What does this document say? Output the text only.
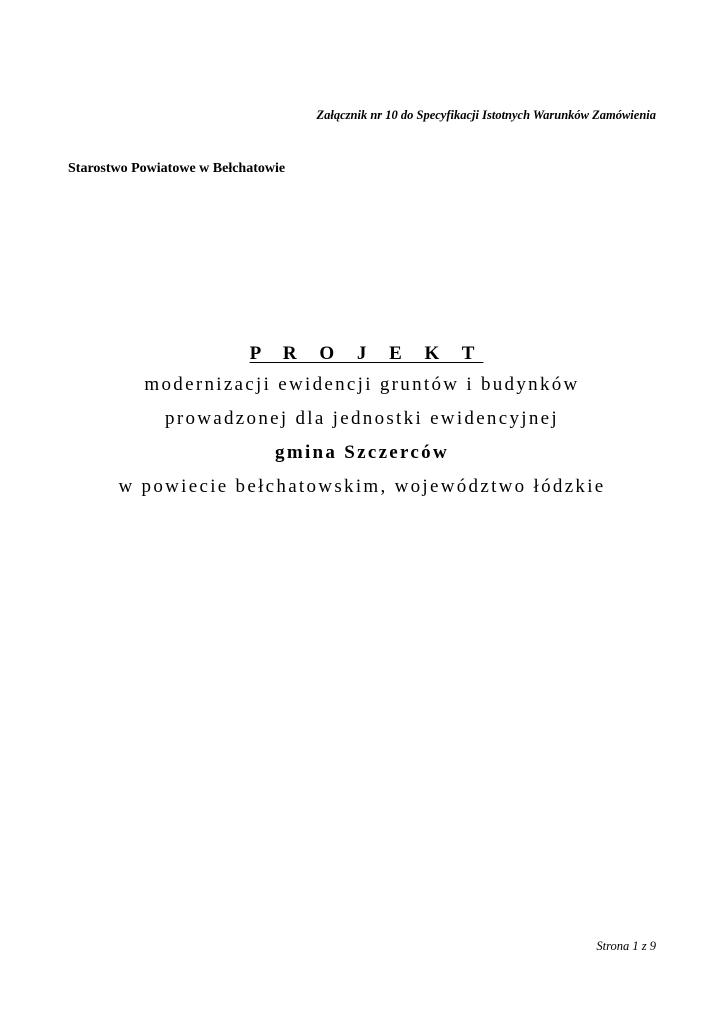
Załącznik nr 10 do Specyfikacji Istotnych Warunków Zamówienia
Starostwo Powiatowe w Bełchatowie
P R O J E K T
modernizacji ewidencji gruntów i budynków
prowadzonej dla jednostki ewidencyjnej
gmina Szczerców
w powiecie bełchatowskim, województwo łódzkie
Strona 1 z 9
